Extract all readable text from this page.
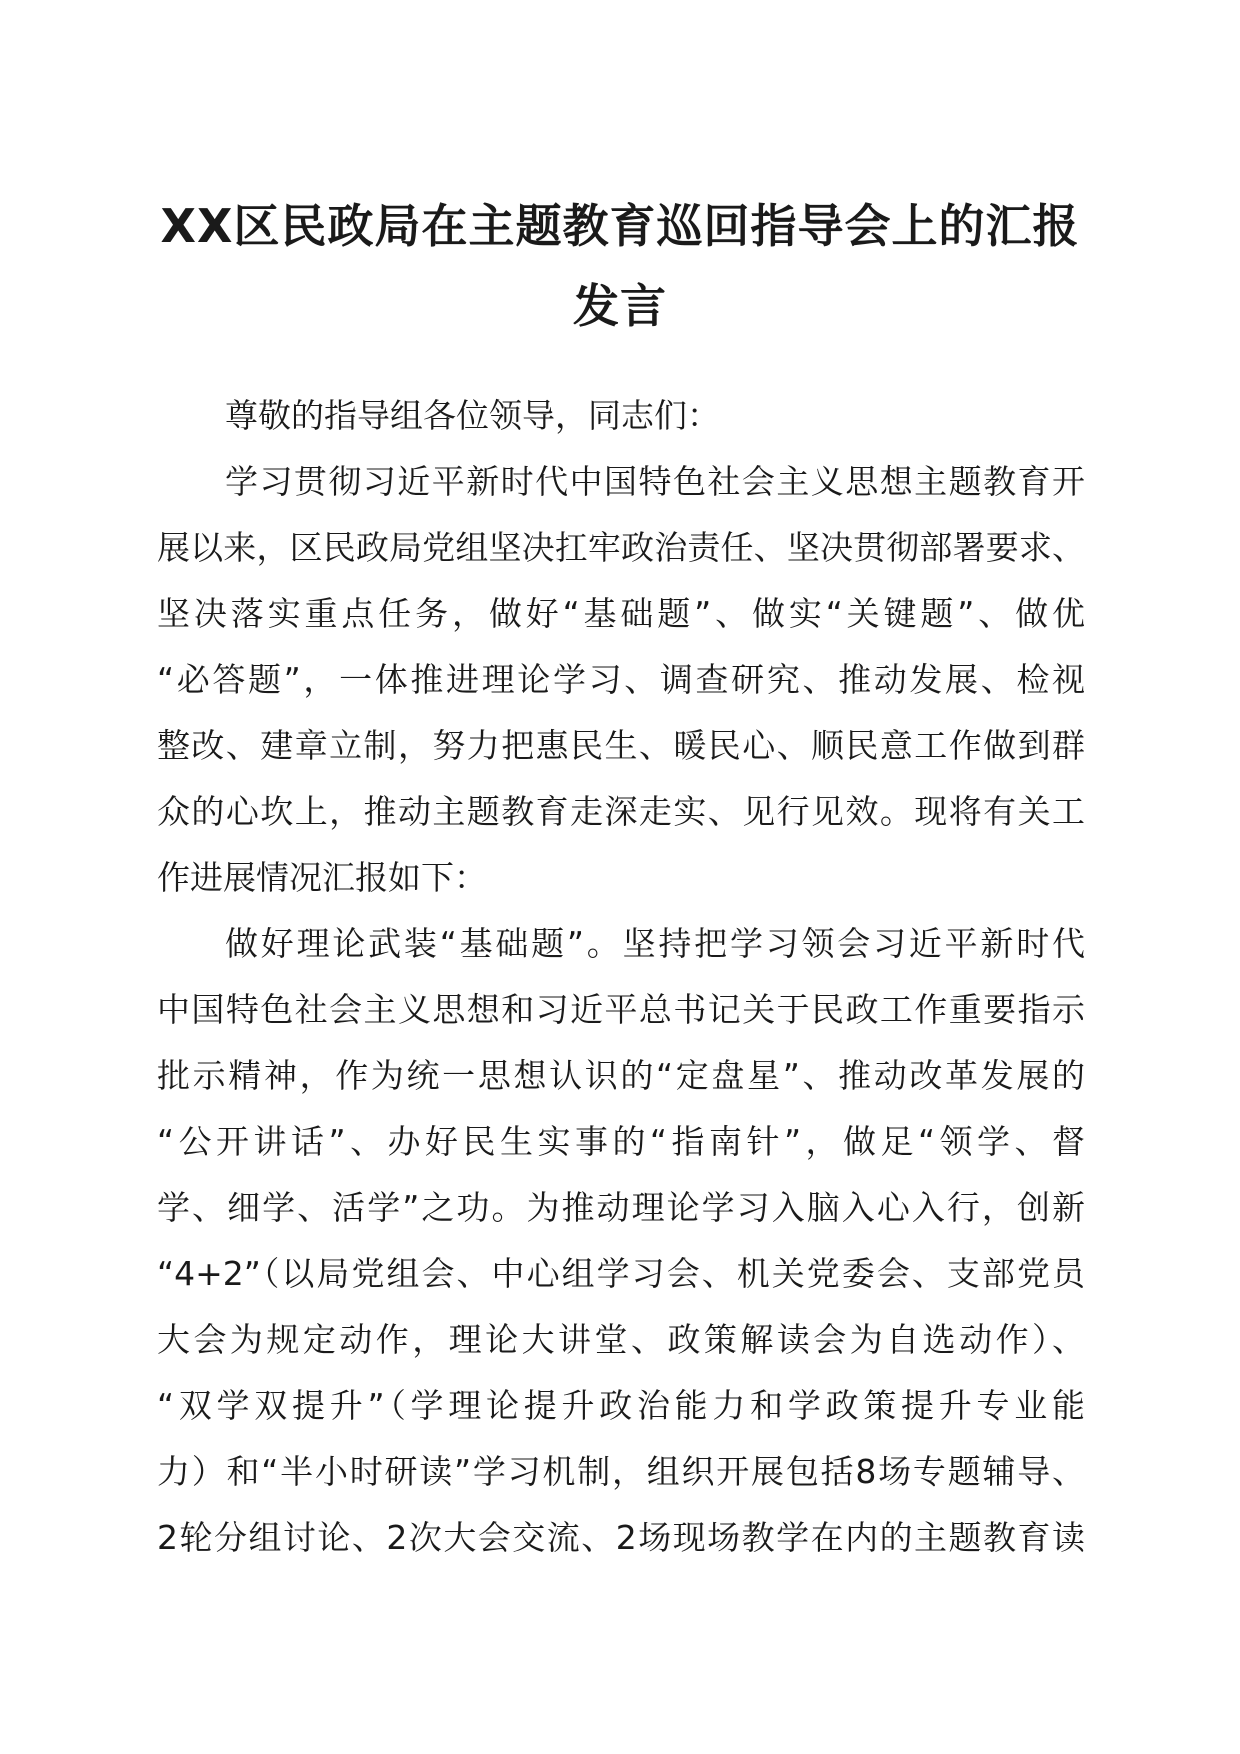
XX区民政局在主题教育巡回指导会上的汇报
发言
尊敬的指导组各位领导，同志们：
学习贯彻习近平新时代中国特色社会主义思想主题教育开
展以来，区民政局党组坚决扛牢政治责任、坚决贯彻部署要求、
坚决落实重点任务，做好“基础题”、做实“关键题”、做优
“必答题”，一体推进理论学习、调查研究、推动发展、检视
整改、建章立制，努力把惠民生、暖民心、顺民意工作做到群
众的心坎上，推动主题教育走深走实、见行见效。现将有关工
作进展情况汇报如下：
做好理论武装“基础题”。坚持把学习领会习近平新时代
中国特色社会主义思想和习近平总书记关于民政工作重要指示
批示精神，作为统一思想认识的“定盘星”、推动改革发展的
“公开讲话”、办好民生实事的“指南针”，做足“领学、督
学、细学、活学”之功。为推动理论学习入脑入心入行，创新
“4+2”（以局党组会、中心组学习会、机关党委会、支部党员
大会为规定动作，理论大讲堂、政策解读会为自选动作）、
“双学双提升”（学理论提升政治能力和学政策提升专业能
力）和“半小时研读”学习机制，组织开展包括8场专题辅导、
2轮分组讨论、2次大会交流、2场现场教学在内的主题教育读
